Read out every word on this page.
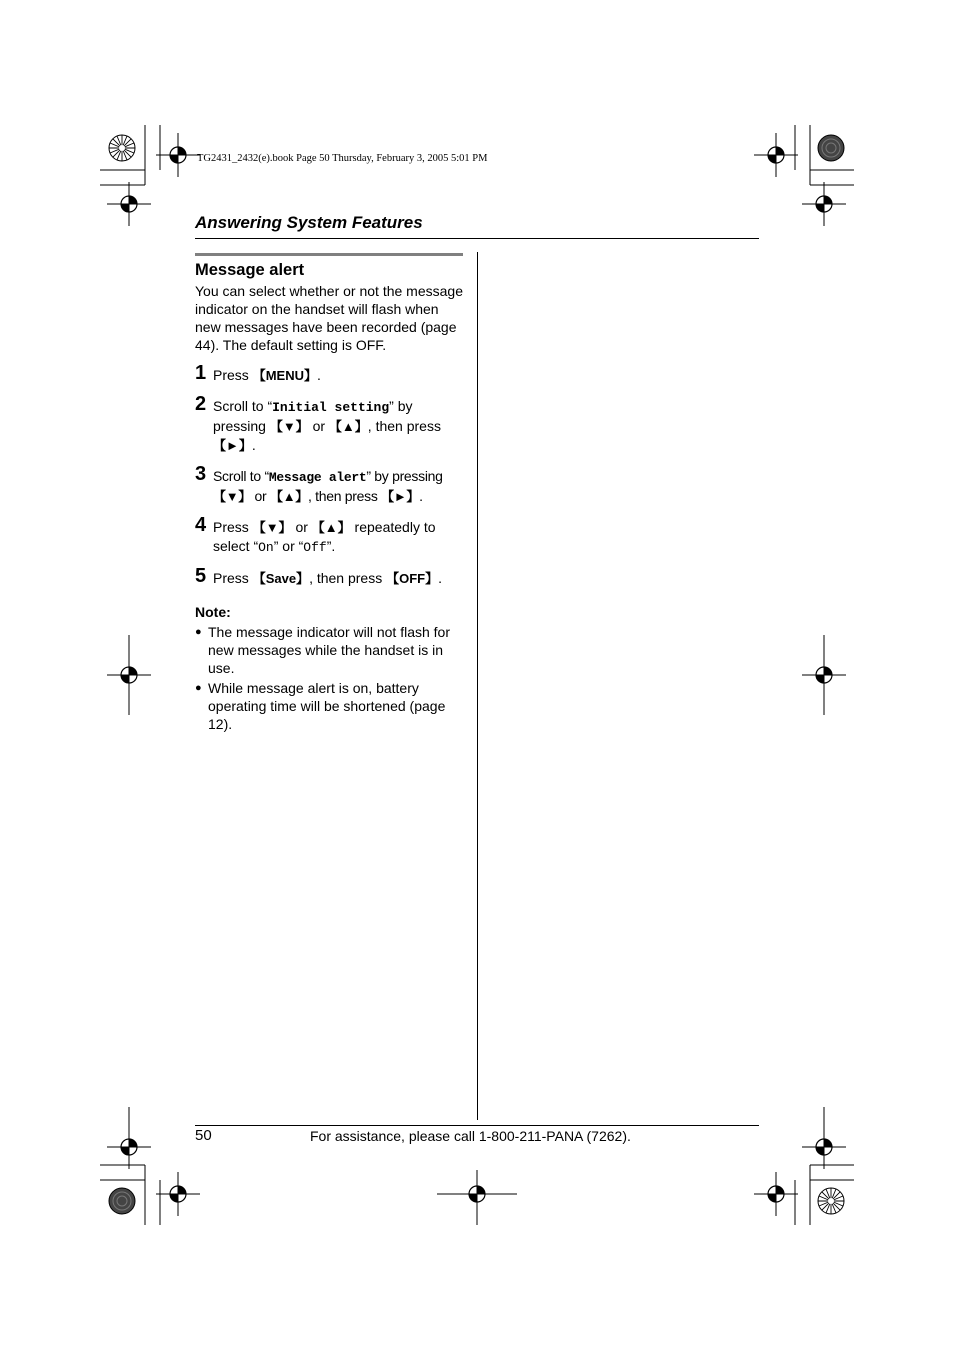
TG2431_2432(e).book Page 50 Thursday, February 3, 2005 5:01 PM
Answering System Features
Message alert
You can select whether or not the message indicator on the handset will flash when new messages have been recorded (page 44). The default setting is OFF.
1 Press 【MENU】.
2 Scroll to “Initial setting” by pressing 【▼】 or 【▲】, then press 【►】.
3 Scroll to “Message alert” by pressing 【▼】 or 【▲】, then press 【►】.
4 Press 【▼】 or 【▲】 repeatedly to select “On” or “Off”.
5 Press 【Save】, then press 【OFF】.
Note:
● The message indicator will not flash for new messages while the handset is in use.
● While message alert is on, battery operating time will be shortened (page 12).
50	For assistance, please call 1-800-211-PANA (7262).
